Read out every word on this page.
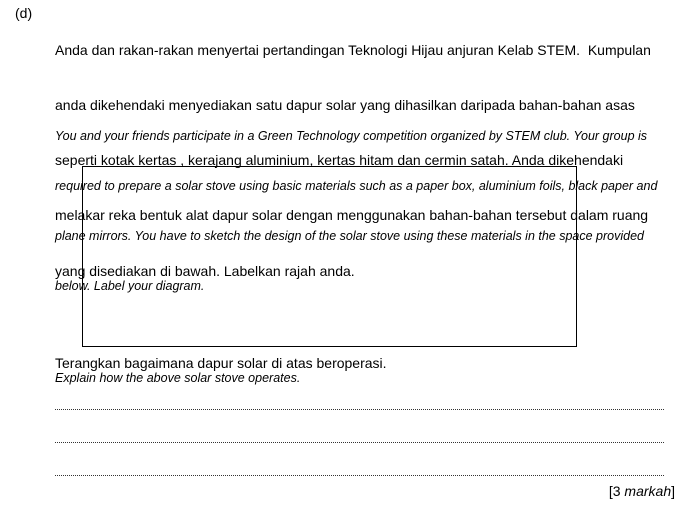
(d)

Anda dan rakan-rakan menyertai pertandingan Teknologi Hijau anjuran Kelab STEM.  Kumpulan

anda dikehendaki menyediakan satu dapur solar yang dihasilkan daripada bahan-bahan asas

seperti kotak kertas , kerajang aluminium, kertas hitam dan cermin satah. Anda dikehendaki

melakar reka bentuk alat dapur solar dengan menggunakan bahan-bahan tersebut dalam ruang

yang disediakan di bawah. Labelkan rajah anda.

You and your friends participate in a Green Technology competition organized by STEM club. Your group is

required to prepare a solar stove using basic materials such as a paper box, aluminium foils, black paper and

plane mirrors. You have to sketch the design of the solar stove using these materials in the space provided

below. Label your diagram.

Terangkan bagaimana dapur solar di atas beroperasi.
Explain how the above solar stove operates.
[3 markah]
